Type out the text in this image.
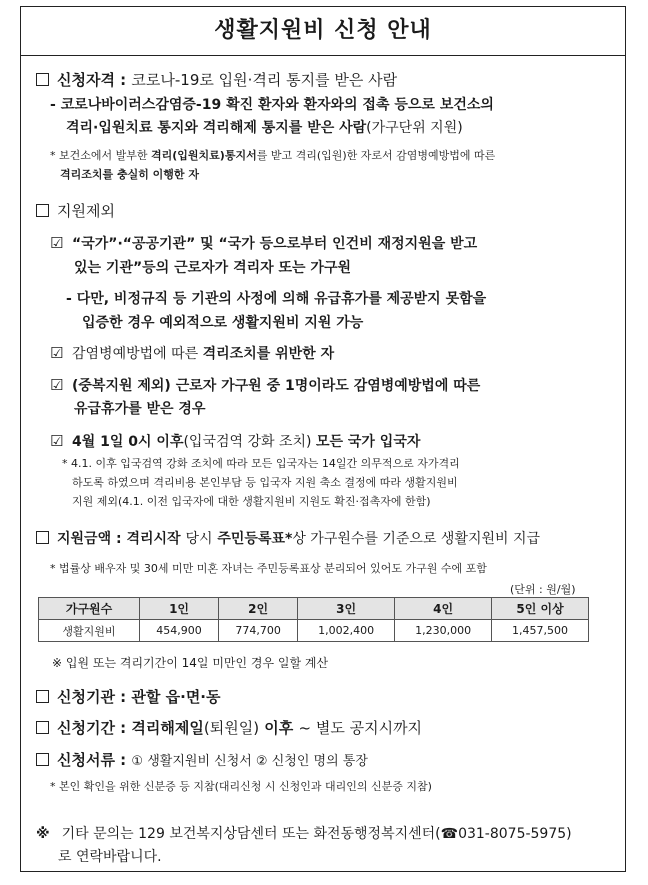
생활지원비 신청 안내
신청자격 : 코로나-19로 입원·격리 통지를 받은 사람
- 코로나바이러스감염증-19 확진 환자와 환자와의 접촉 등으로 보건소의
격리·입원치료 통지와 격리해제 통지를 받은 사람(가구단위 지원)
* 보건소에서 발부한 격리(입원치료)통지서를 받고 격리(입원)한 자로서 감염병예방법에 따른
격리조치를 충실히 이행한 자
지원제외
☑ “국가”·“공공기관” 및 “국가 등으로부터 인건비 재정지원을 받고
있는 기관”등의 근로자가 격리자 또는 가구원
- 다만, 비정규직 등 기관의 사정에 의해 유급휴가를 제공받지 못함을
입증한 경우 예외적으로 생활지원비 지원 가능
☑ 감염병예방법에 따른 격리조치를 위반한 자
☑ (중복지원 제외) 근로자 가구원 중 1명이라도 감염병예방법에 따른
유급휴가를 받은 경우
☑ 4월 1일 0시 이후(입국검역 강화 조치) 모든 국가 입국자
* 4.1. 이후 입국검역 강화 조치에 따라 모든 입국자는 14일간 의무적으로 자가격리
하도록 하였으며 격리비용 본인부담 등 입국자 지원 축소 결정에 따라 생활지원비
지원 제외(4.1. 이전 입국자에 대한 생활지원비 지원도 확진·접촉자에 한함)
지원금액 : 격리시작 당시 주민등록표*상 가구원수를 기준으로 생활지원비 지급
* 법률상 배우자 및 30세 미만 미혼 자녀는 주민등록표상 분리되어 있어도 가구원 수에 포함
(단위 : 원/월)
가구원수	1인	2인	3인	4인	5인 이상
생활지원비	454,900	774,700	1,002,400	1,230,000	1,457,500
※ 입원 또는 격리기간이 14일 미만인 경우 일할 계산
신청기관 : 관할 읍·면·동
신청기간 : 격리해제일(퇴원일) 이후 ~ 별도 공지시까지
신청서류 : ① 생활지원비 신청서 ② 신청인 명의 통장
* 본인 확인을 위한 신분증 등 지참(대리신청 시 신청인과 대리인의 신분증 지참)
※ 기타 문의는 129 보건복지상담센터 또는 화전동행정복지센터(☎031-8075-5975)
로 연락바랍니다.
